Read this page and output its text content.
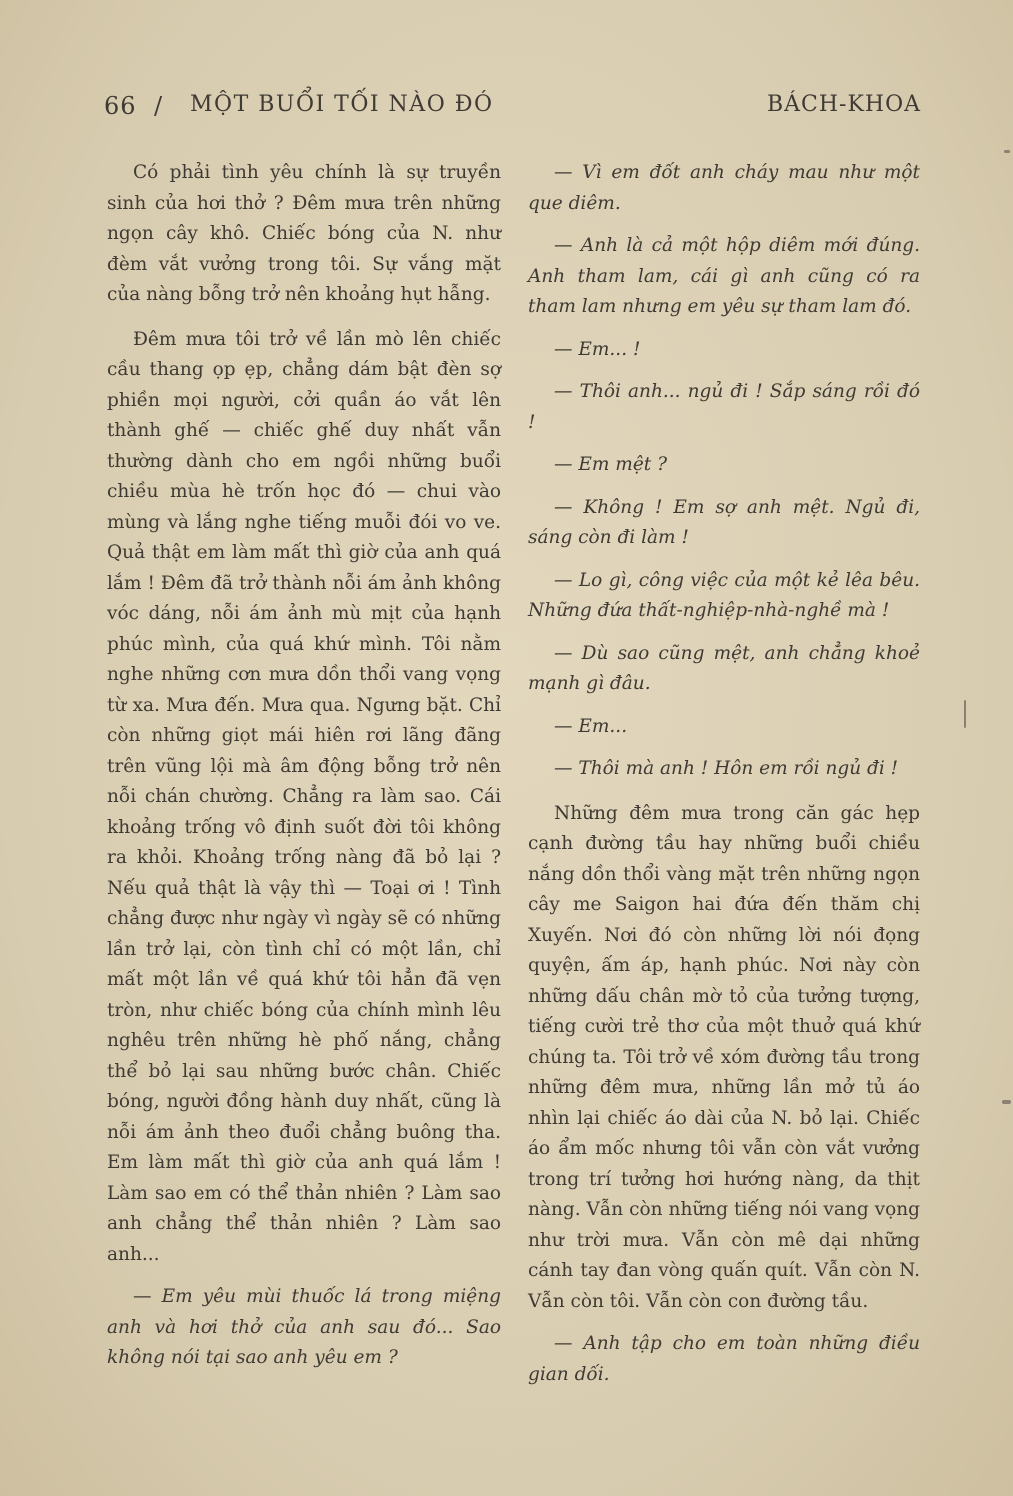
66 / MỘT BUỔI TỐI NÀO ĐÓ	BÁCH-KHOA

Có phải tình yêu chính là sự truyền sinh của hơi thở ? Đêm mưa trên những ngọn cây khô. Chiếc bóng của N. như đèm vắt vưởng trong tôi. Sự vắng mặt của nàng bỗng trở nên khoảng hụt hẫng.

Đêm mưa tôi trở về lần mò lên chiếc cầu thang ọp ẹp, chẳng dám bật đèn sợ phiền mọi người, cởi quần áo vắt lên thành ghế — chiếc ghế duy nhất vẫn thường dành cho em ngồi những buổi chiều mùa hè trốn học đó — chui vào mùng và lắng nghe tiếng muỗi đói vo ve. Quả thật em làm mất thì giờ của anh quá lắm ! Đêm đã trở thành nỗi ám ảnh không vóc dáng, nỗi ám ảnh mù mịt của hạnh phúc mình, của quá khứ mình. Tôi nằm nghe những cơn mưa dồn thổi vang vọng từ xa. Mưa đến. Mưa qua. Ngưng bặt. Chỉ còn những giọt mái hiên rơi lãng đãng trên vũng lội mà âm động bỗng trở nên nỗi chán chường. Chẳng ra làm sao. Cái khoảng trống vô định suốt đời tôi không ra khỏi. Khoảng trống nàng đã bỏ lại ? Nếu quả thật là vậy thì — Toại ơi ! Tình chẳng được như ngày vì ngày sẽ có những lần trở lại, còn tình chỉ có một lần, chỉ mất một lần về quá khứ tôi hẳn đã vẹn tròn, như chiếc bóng của chính mình lêu nghêu trên những hè phố nắng, chẳng thể bỏ lại sau những bước chân. Chiếc bóng, người đồng hành duy nhất, cũng là nỗi ám ảnh theo đuổi chẳng buông tha. Em làm mất thì giờ của anh quá lắm ! Làm sao em có thể thản nhiên ? Làm sao anh chẳng thể thản nhiên ? Làm sao anh...

— Em yêu mùi thuốc lá trong miệng anh và hơi thở của anh sau đó... Sao không nói tại sao anh yêu em ?

— Vì em đốt anh cháy mau như một que diêm.

— Anh là cả một hộp diêm mới đúng. Anh tham lam, cái gì anh cũng có ra tham lam nhưng em yêu sự tham lam đó.

— Em... !

— Thôi anh... ngủ đi ! Sắp sáng rồi đó !

— Em mệt ?

— Không ! Em sợ anh mệt. Ngủ đi, sáng còn đi làm !

— Lo gì, công việc của một kẻ lêa bêu. Những đứa thất-nghiệp-nhà-nghề mà !

— Dù sao cũng mệt, anh chẳng khoẻ mạnh gì đâu.

— Em...

— Thôi mà anh ! Hôn em rồi ngủ đi !

Những đêm mưa trong căn gác hẹp cạnh đường tầu hay những buổi chiều nắng dồn thổi vàng mặt trên những ngọn cây me Saigon hai đứa đến thăm chị Xuyến. Nơi đó còn những lời nói đọng quyện, ấm áp, hạnh phúc. Nơi này còn những dấu chân mờ tỏ của tưởng tượng, tiếng cười trẻ thơ của một thuở quá khứ chúng ta. Tôi trở về xóm đường tầu trong những đêm mưa, những lần mở tủ áo nhìn lại chiếc áo dài của N. bỏ lại. Chiếc áo ẩm mốc nhưng tôi vẫn còn vắt vưởng trong trí tưởng hơi hướng nàng, da thịt nàng. Vẫn còn những tiếng nói vang vọng như trời mưa. Vẫn còn mê dại những cánh tay đan vòng quấn quít. Vẫn còn N. Vẫn còn tôi. Vẫn còn con đường tầu.

— Anh tập cho em toàn những điều gian dối.
